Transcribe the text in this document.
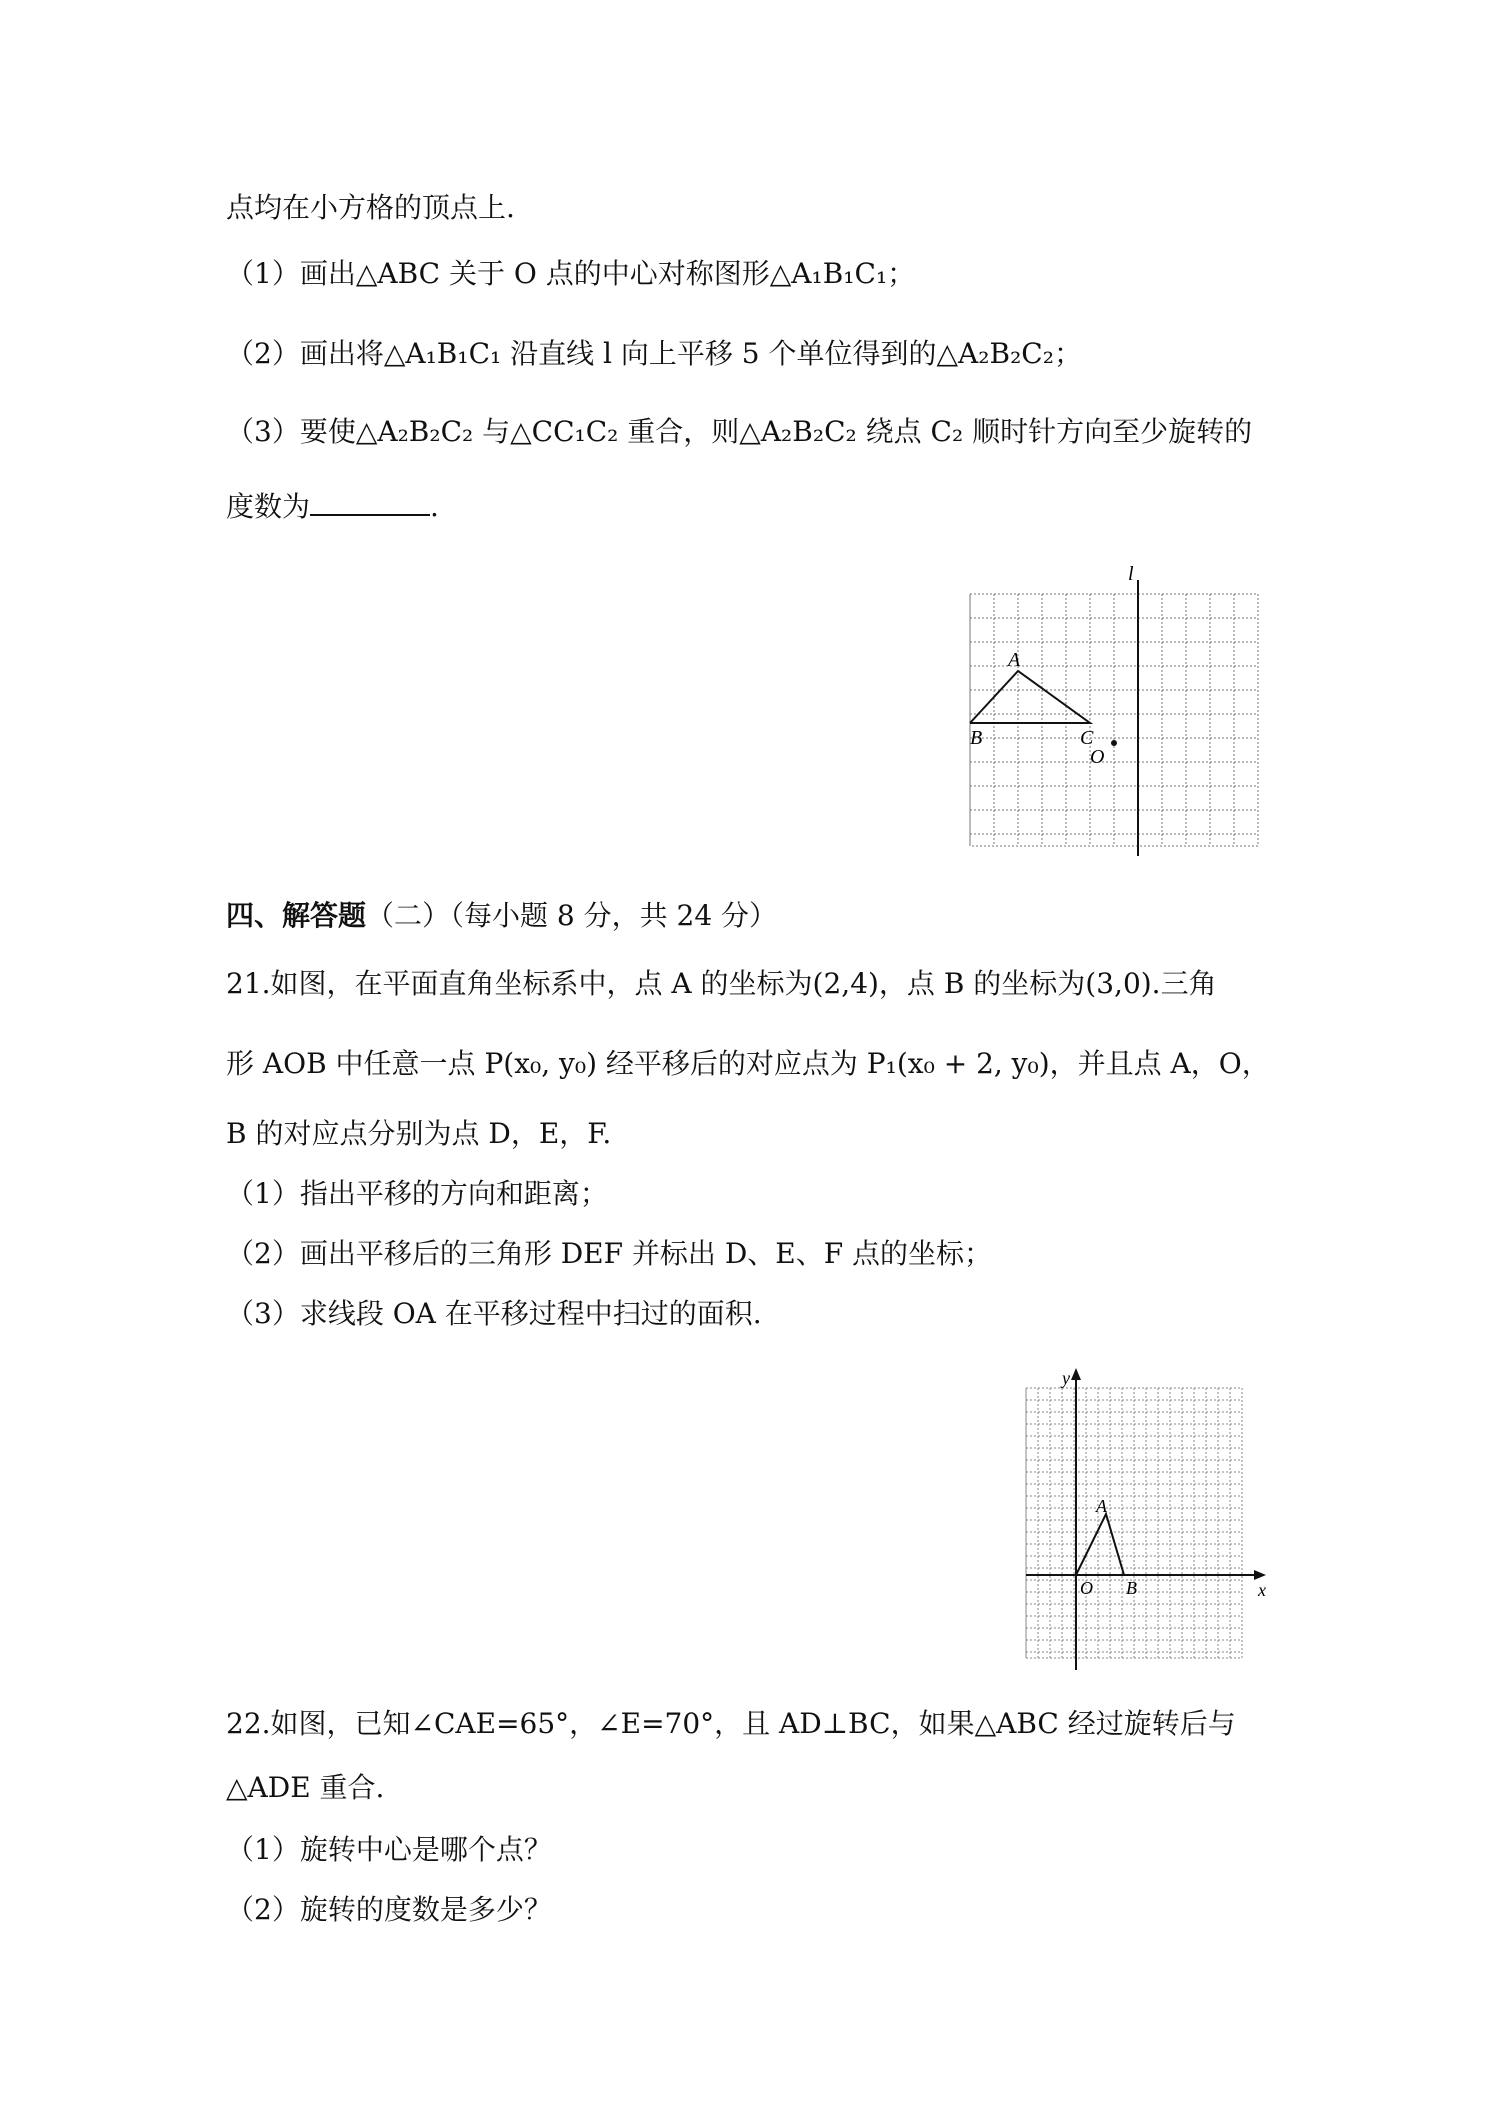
点均在小方格的顶点上.
（1）画出△ABC 关于 O 点的中心对称图形△A₁B₁C₁；
（2）画出将△A₁B₁C₁ 沿直线 l 向上平移 5 个单位得到的△A₂B₂C₂；
（3）要使△A₂B₂C₂ 与△CC₁C₂ 重合，则△A₂B₂C₂ 绕点 C₂ 顺时针方向至少旋转的
度数为	.
l
A
B	C
O
四、解答题（二）（每小题 8 分，共 24 分）
21.如图，在平面直角坐标系中，点 A 的坐标为(2,4)，点 B 的坐标为(3,0).三角
形 AOB 中任意一点 P(x₀, y₀) 经平移后的对应点为 P₁(x₀ + 2, y₀)，并且点 A，O，
B 的对应点分别为点 D，E，F.
（1）指出平移的方向和距离；
（2）画出平移后的三角形 DEF 并标出 D、E、F 点的坐标；
（3）求线段 OA 在平移过程中扫过的面积.
y
x
A
O B
22.如图，已知∠CAE=65°，∠E=70°，且 AD⊥BC，如果△ABC 经过旋转后与
△ADE 重合.
（1）旋转中心是哪个点？
（2）旋转的度数是多少？
